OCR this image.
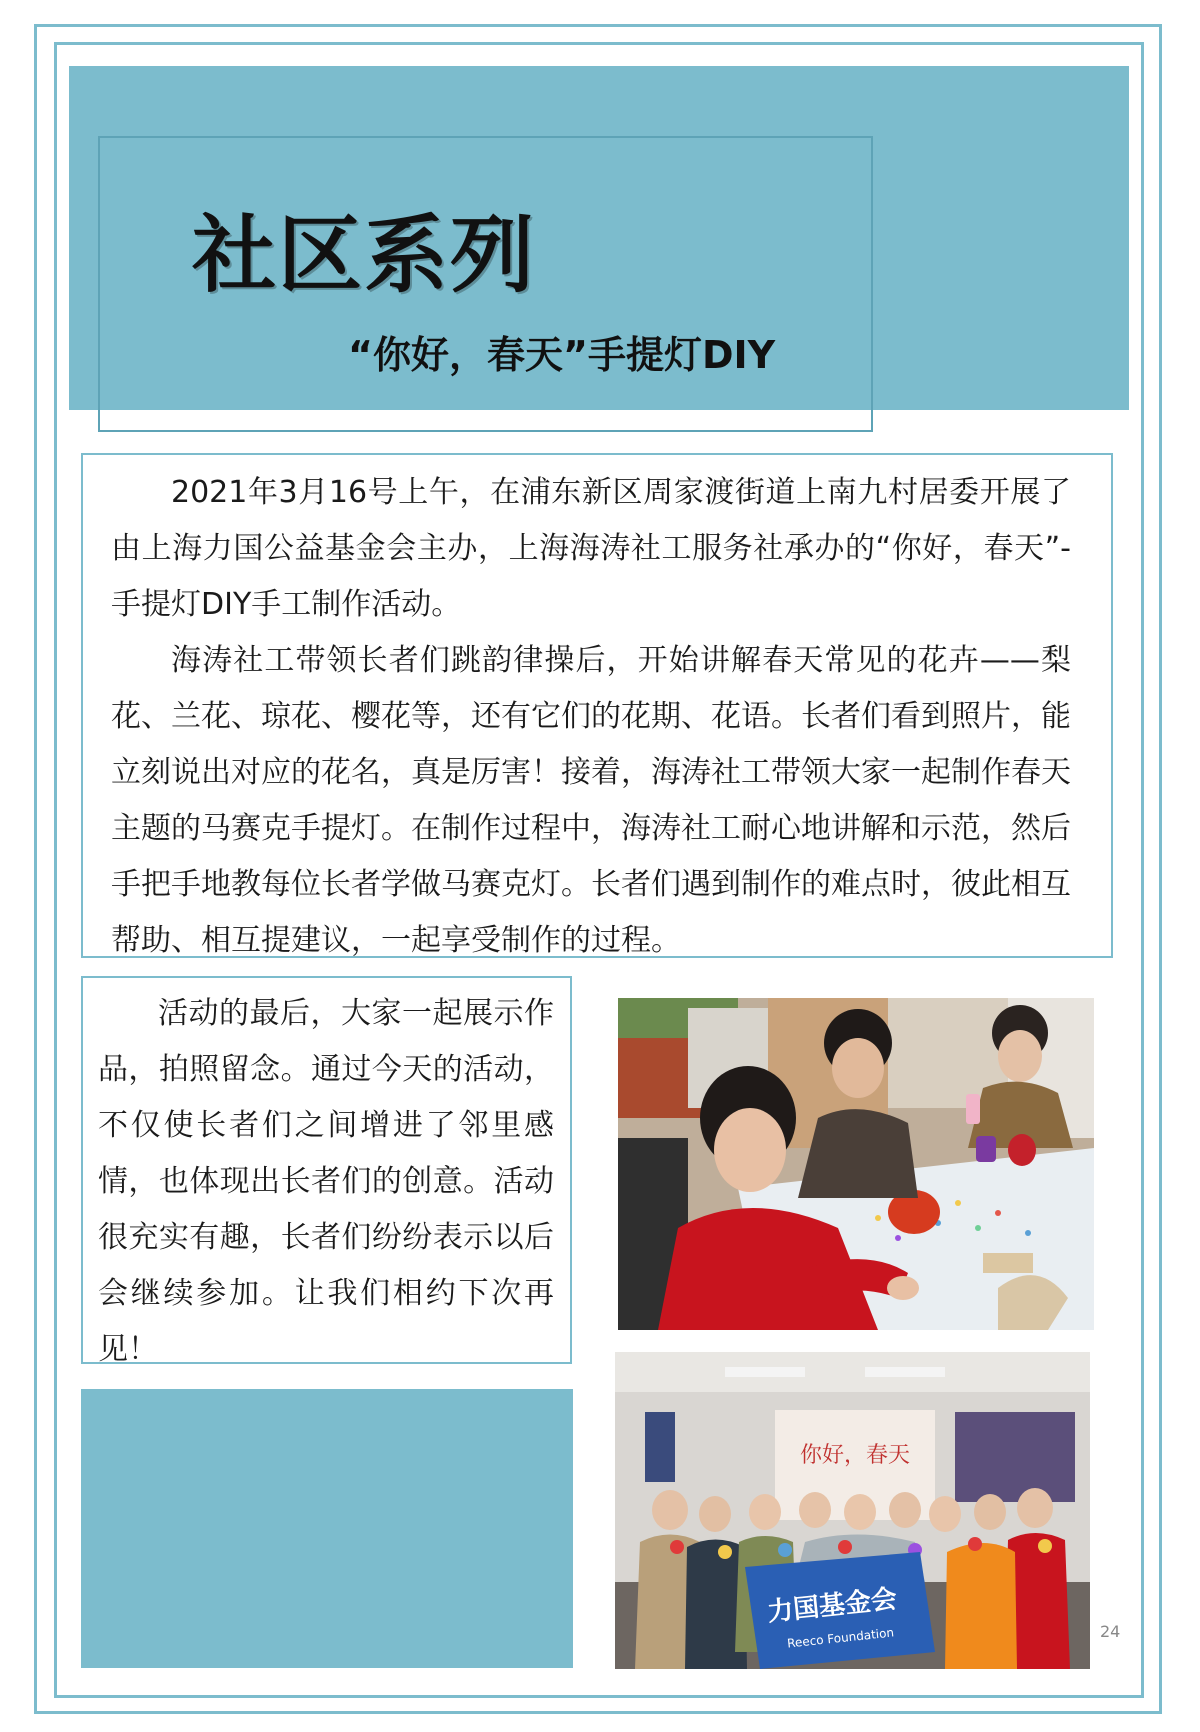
社区系列
“你好，春天”手提灯DIY

2021年3月16号上午，在浦东新区周家渡街道上南九村居委开展了由上海力国公益基金会主办，上海海涛社工服务社承办的“你好，春天”-手提灯DIY手工制作活动。

海涛社工带领长者们跳韵律操后，开始讲解春天常见的花卉——梨花、兰花、琼花、樱花等，还有它们的花期、花语。长者们看到照片，能立刻说出对应的花名，真是厉害！接着，海涛社工带领大家一起制作春天主题的马赛克手提灯。在制作过程中，海涛社工耐心地讲解和示范，然后手把手地教每位长者学做马赛克灯。长者们遇到制作的难点时，彼此相互帮助、相互提建议，一起享受制作的过程。

活动的最后，大家一起展示作品，拍照留念。通过今天的活动，不仅使长者们之间增进了邻里感情，也体现出长者们的创意。活动很充实有趣，长者们纷纷表示以后会继续参加。让我们相约下次再见！

你好，春天
力国基金会
Reeco Foundation	24
